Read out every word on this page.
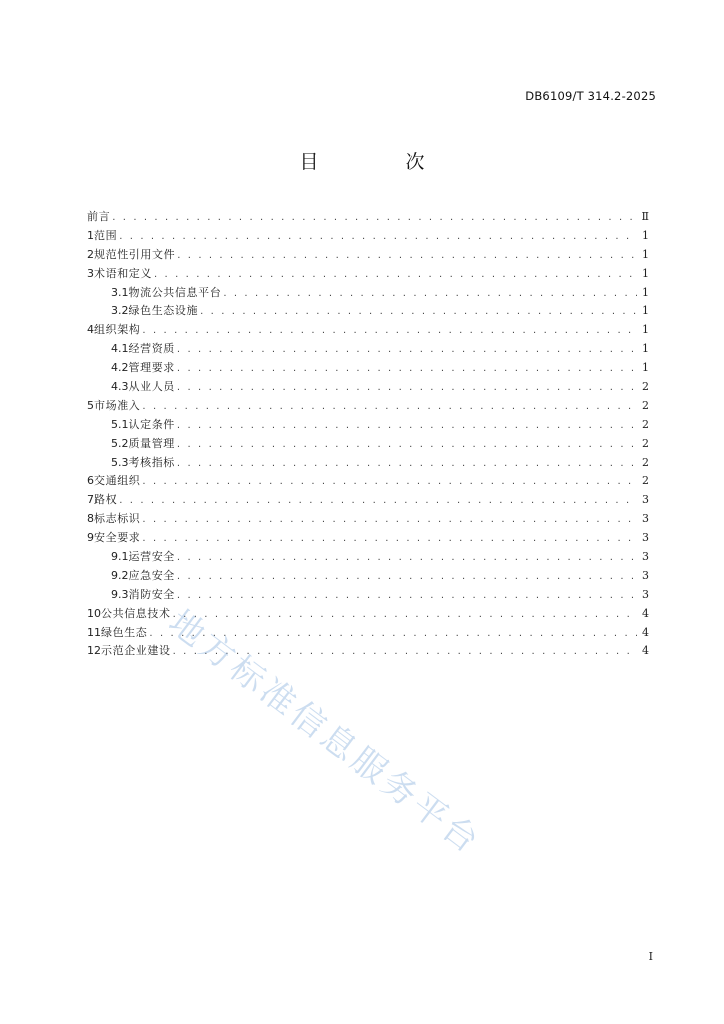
DB6109/T 314.2-2025
目　次
前言 . . .	Ⅱ
1 范围 . . .	1
2 规范性引用文件 . . .	1
3 术语和定义 . . .	1
3.1 物流公共信息平台 . . .	1
3.2 绿色生态设施 . . .	1
4 组织架构 . . .	1
4.1 经营资质 . . .	1
4.2 管理要求 . . .	1
4.3 从业人员 . . .	2
5 市场准入 . . .	2
5.1 认定条件 . . .	2
5.2 质量管理 . . .	2
5.3 考核指标 . . .	2
6 交通组织 . . .	2
7 路权 . . .	3
8 标志标识 . . .	3
9 安全要求 . . .	3
9.1 运营安全 . . .	3
9.2 应急安全 . . .	3
9.3 消防安全 . . .	3
10 公共信息技术 . . .	4
11 绿色生态 . . .	4
12 示范企业建设 . . .	4
地方标准信息服务平台
Ⅰ
